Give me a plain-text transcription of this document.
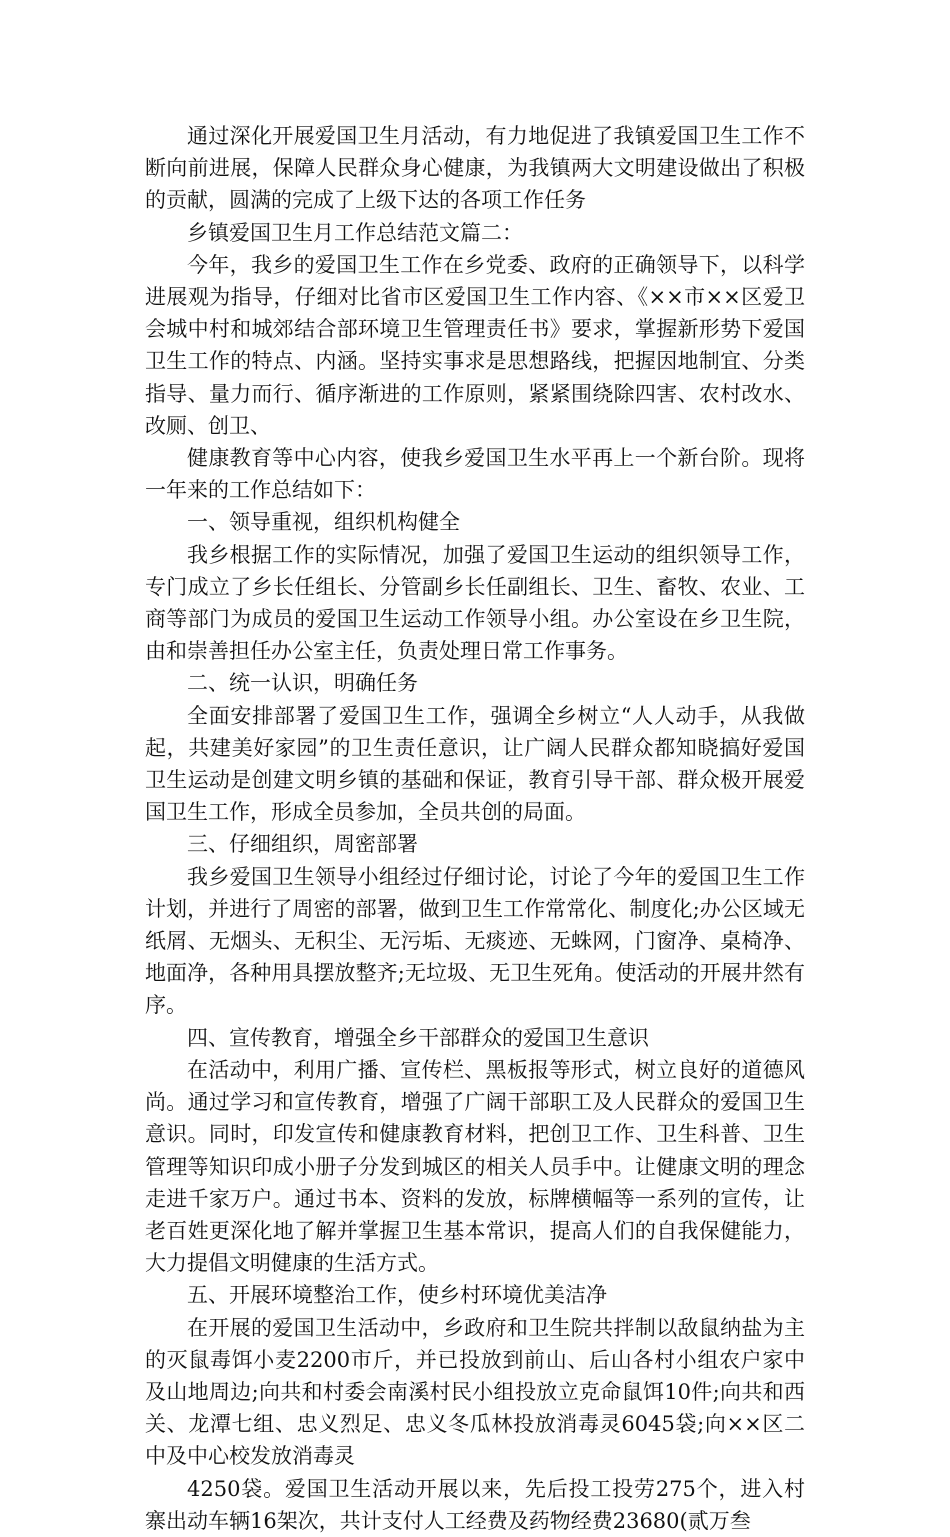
通过深化开展爱国卫生月活动，有力地促进了我镇爱国卫生工作不断向前进展，保障人民群众身心健康，为我镇两大文明建设做出了积极的贡献，圆满的完成了上级下达的各项工作任务

乡镇爱国卫生月工作总结范文篇二：

今年，我乡的爱国卫生工作在乡党委、政府的正确领导下，以科学进展观为指导，仔细对比省市区爱国卫生工作内容、《××市××区爱卫会城中村和城郊结合部环境卫生管理责任书》要求，掌握新形势下爱国卫生工作的特点、内涵。坚持实事求是思想路线，把握因地制宜、分类指导、量力而行、循序渐进的工作原则，紧紧围绕除四害、农村改水、改厕、创卫、

健康教育等中心内容，使我乡爱国卫生水平再上一个新台阶。现将一年来的工作总结如下：

一、领导重视，组织机构健全

我乡根据工作的实际情况，加强了爱国卫生运动的组织领导工作，专门成立了乡长任组长、分管副乡长任副组长、卫生、畜牧、农业、工商等部门为成员的爱国卫生运动工作领导小组。办公室设在乡卫生院，由和崇善担任办公室主任，负责处理日常工作事务。

二、统一认识，明确任务

全面安排部署了爱国卫生工作，强调全乡树立“人人动手，从我做起，共建美好家园”的卫生责任意识，让广阔人民群众都知晓搞好爱国卫生运动是创建文明乡镇的基础和保证，教育引导干部、群众极开展爱国卫生工作，形成全员参加，全员共创的局面。

三、仔细组织，周密部署

我乡爱国卫生领导小组经过仔细讨论，讨论了今年的爱国卫生工作计划，并进行了周密的部署，做到卫生工作常常化、制度化;办公区域无纸屑、无烟头、无积尘、无污垢、无痰迹、无蛛网，门窗净、桌椅净、地面净，各种用具摆放整齐;无垃圾、无卫生死角。使活动的开展井然有序。

四、宣传教育，增强全乡干部群众的爱国卫生意识

在活动中，利用广播、宣传栏、黑板报等形式，树立良好的道德风尚。通过学习和宣传教育，增强了广阔干部职工及人民群众的爱国卫生意识。同时，印发宣传和健康教育材料，把创卫工作、卫生科普、卫生管理等知识印成小册子分发到城区的相关人员手中。让健康文明的理念走进千家万户。通过书本、资料的发放，标牌横幅等一系列的宣传，让老百姓更深化地了解并掌握卫生基本常识，提高人们的自我保健能力，大力提倡文明健康的生活方式。

五、开展环境整治工作，使乡村环境优美洁净

在开展的爱国卫生活动中，乡政府和卫生院共拌制以敌鼠纳盐为主的灭鼠毒饵小麦2200市斤，并已投放到前山、后山各村小组农户家中及山地周边;向共和村委会南溪村民小组投放立克命鼠饵10件;向共和西关、龙潭七组、忠义烈足、忠义冬瓜林投放消毒灵6045袋;向××区二中及中心校发放消毒灵

4250袋。爱国卫生活动开展以来，先后投工投劳275个，进入村寨出动车辆16架次，共计支付人工经费及药物经费23680(贰万叁
